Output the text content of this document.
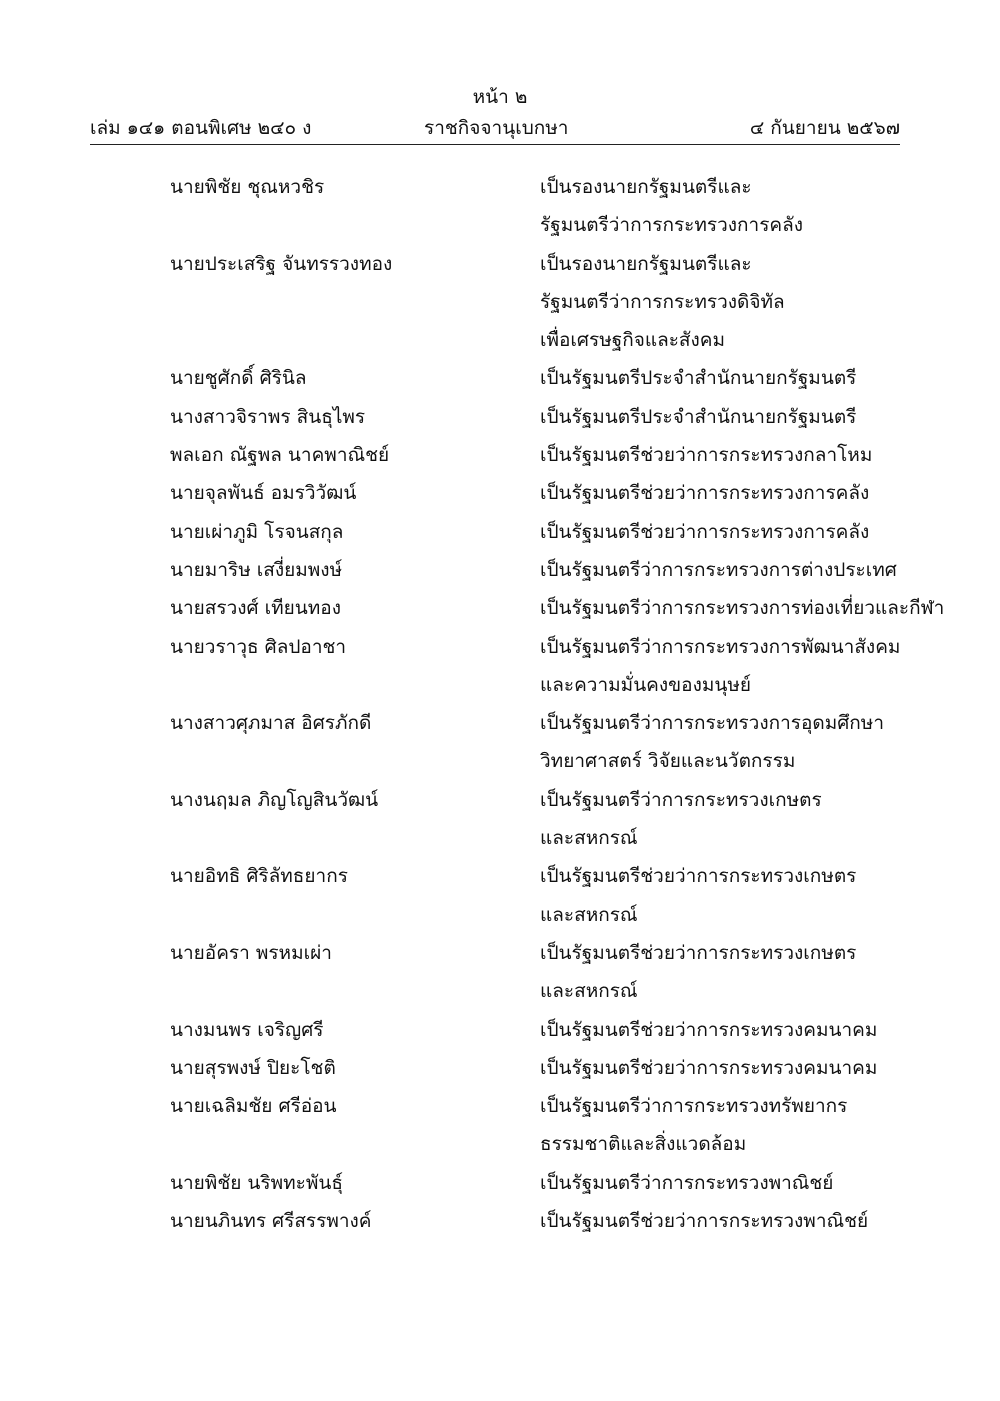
หน้า ๒
เล่ม ๑๔๑ ตอนพิเศษ ๒๔๐ ง	ราชกิจจานุเบกษา	๔ กันยายน ๒๕๖๗
นายพิชัย ชุณหวชิร	เป็นรองนายกรัฐมนตรีและ
รัฐมนตรีว่าการกระทรวงการคลัง
นายประเสริฐ จันทรรวงทอง	เป็นรองนายกรัฐมนตรีและ
รัฐมนตรีว่าการกระทรวงดิจิทัล
เพื่อเศรษฐกิจและสังคม
นายชูศักดิ์ ศิรินิล	เป็นรัฐมนตรีประจำสำนักนายกรัฐมนตรี
นางสาวจิราพร สินธุไพร	เป็นรัฐมนตรีประจำสำนักนายกรัฐมนตรี
พลเอก ณัฐพล นาคพาณิชย์	เป็นรัฐมนตรีช่วยว่าการกระทรวงกลาโหม
นายจุลพันธ์ อมรวิวัฒน์	เป็นรัฐมนตรีช่วยว่าการกระทรวงการคลัง
นายเผ่าภูมิ โรจนสกุล	เป็นรัฐมนตรีช่วยว่าการกระทรวงการคลัง
นายมาริษ เสงี่ยมพงษ์	เป็นรัฐมนตรีว่าการกระทรวงการต่างประเทศ
นายสรวงศ์ เทียนทอง	เป็นรัฐมนตรีว่าการกระทรวงการท่องเที่ยวและกีฬา
นายวราวุธ ศิลปอาชา	เป็นรัฐมนตรีว่าการกระทรวงการพัฒนาสังคม
และความมั่นคงของมนุษย์
นางสาวศุภมาส อิศรภักดี	เป็นรัฐมนตรีว่าการกระทรวงการอุดมศึกษา
วิทยาศาสตร์ วิจัยและนวัตกรรม
นางนฤมล ภิญโญสินวัฒน์	เป็นรัฐมนตรีว่าการกระทรวงเกษตร
และสหกรณ์
นายอิทธิ ศิริลัทธยากร	เป็นรัฐมนตรีช่วยว่าการกระทรวงเกษตร
และสหกรณ์
นายอัครา พรหมเผ่า	เป็นรัฐมนตรีช่วยว่าการกระทรวงเกษตร
และสหกรณ์
นางมนพร เจริญศรี	เป็นรัฐมนตรีช่วยว่าการกระทรวงคมนาคม
นายสุรพงษ์ ปิยะโชติ	เป็นรัฐมนตรีช่วยว่าการกระทรวงคมนาคม
นายเฉลิมชัย ศรีอ่อน	เป็นรัฐมนตรีว่าการกระทรวงทรัพยากร
ธรรมชาติและสิ่งแวดล้อม
นายพิชัย นริพทะพันธุ์	เป็นรัฐมนตรีว่าการกระทรวงพาณิชย์
นายนภินทร ศรีสรรพางค์	เป็นรัฐมนตรีช่วยว่าการกระทรวงพาณิชย์
